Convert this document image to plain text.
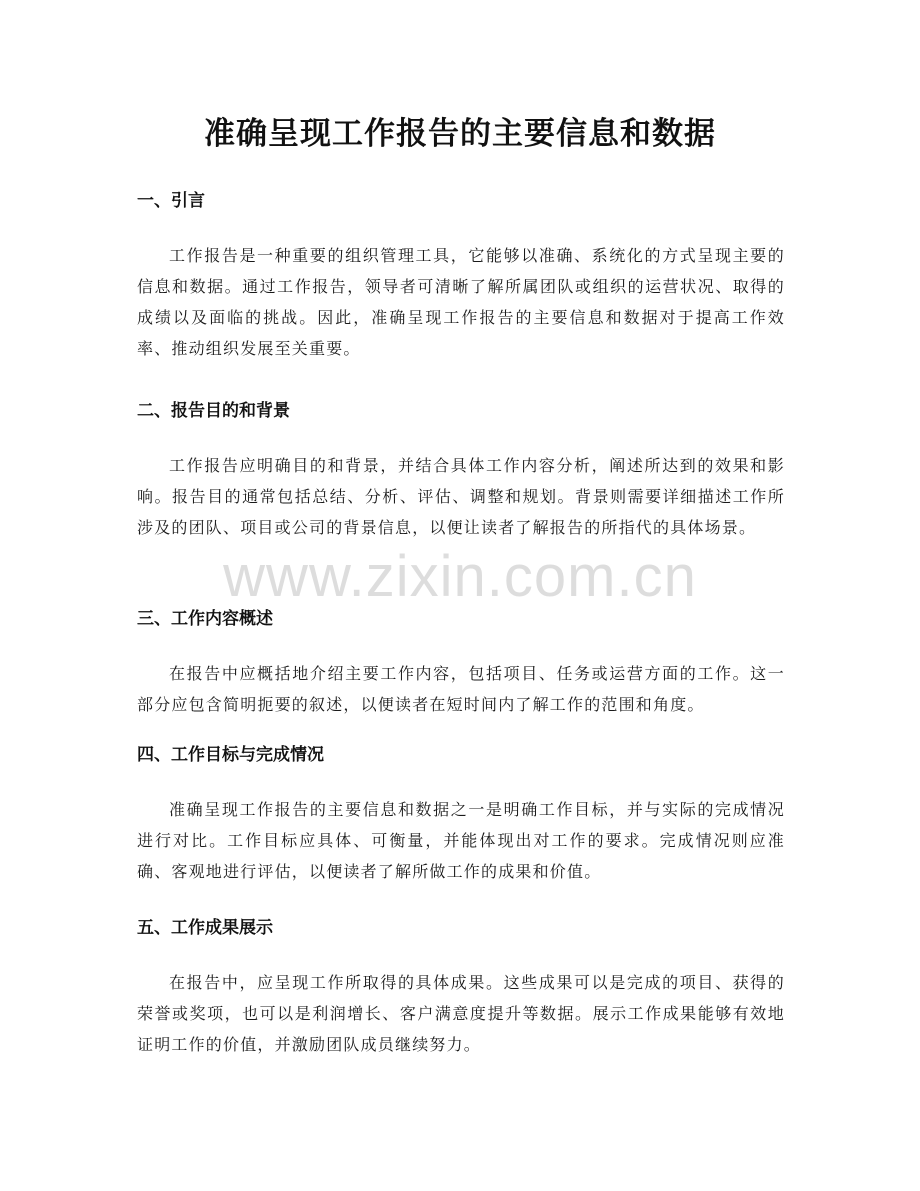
准确呈现工作报告的主要信息和数据
一、引言

工作报告是一种重要的组织管理工具，它能够以准确、系统化的方式呈现主要的信息和数据。通过工作报告，领导者可清晰了解所属团队或组织的运营状况、取得的成绩以及面临的挑战。因此，准确呈现工作报告的主要信息和数据对于提高工作效率、推动组织发展至关重要。

二、报告目的和背景

工作报告应明确目的和背景，并结合具体工作内容分析，阐述所达到的效果和影响。报告目的通常包括总结、分析、评估、调整和规划。背景则需要详细描述工作所涉及的团队、项目或公司的背景信息，以便让读者了解报告的所指代的具体场景。

三、工作内容概述

在报告中应概括地介绍主要工作内容，包括项目、任务或运营方面的工作。这一部分应包含简明扼要的叙述，以便读者在短时间内了解工作的范围和角度。

四、工作目标与完成情况

准确呈现工作报告的主要信息和数据之一是明确工作目标，并与实际的完成情况进行对比。工作目标应具体、可衡量，并能体现出对工作的要求。完成情况则应准确、客观地进行评估，以便读者了解所做工作的成果和价值。

五、工作成果展示

在报告中，应呈现工作所取得的具体成果。这些成果可以是完成的项目、获得的荣誉或奖项，也可以是利润增长、客户满意度提升等数据。展示工作成果能够有效地证明工作的价值，并激励团队成员继续努力。

www.zixin.com.cn
